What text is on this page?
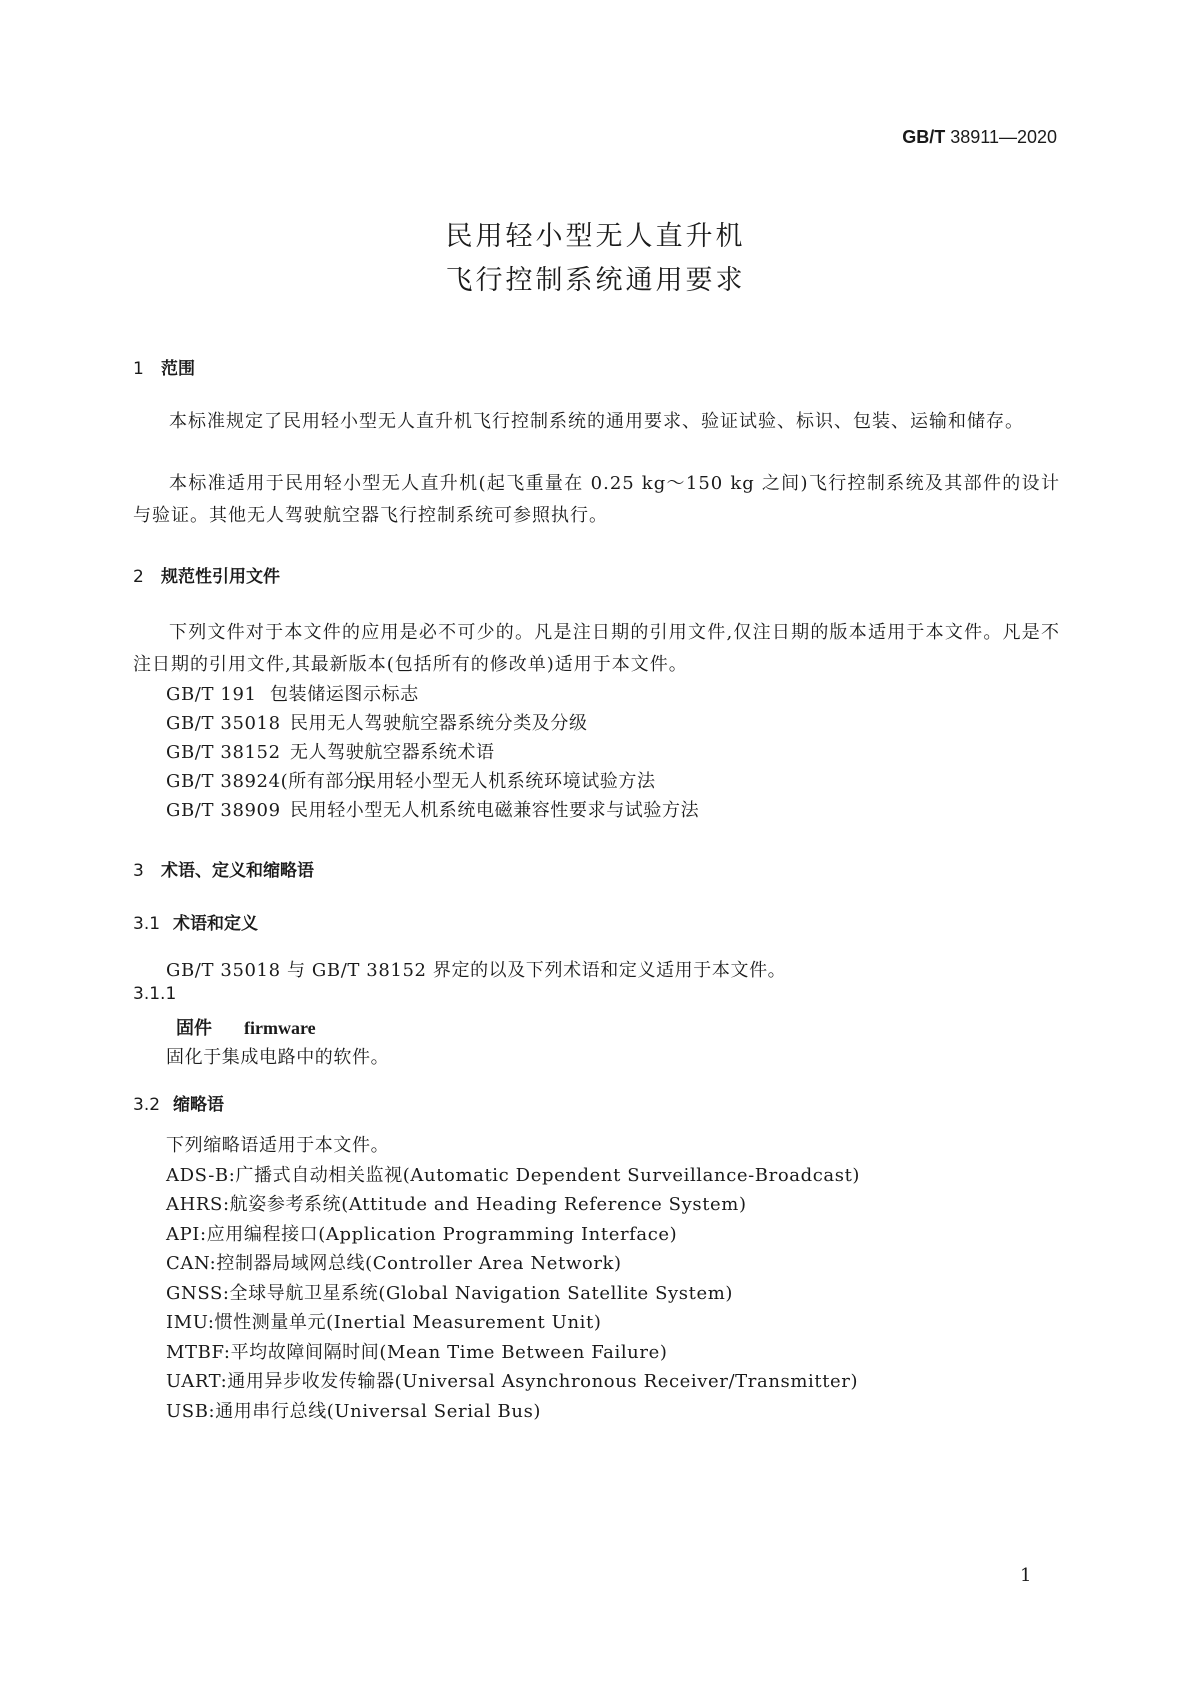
GB/T 38911—2020
民用轻小型无人直升机
飞行控制系统通用要求
1 范围
本标准规定了民用轻小型无人直升机飞行控制系统的通用要求、验证试验、标识、包装、运输和储存。
本标准适用于民用轻小型无人直升机(起飞重量在 0.25 kg～150 kg 之间)飞行控制系统及其部件的设计与验证。其他无人驾驶航空器飞行控制系统可参照执行。
2 规范性引用文件
下列文件对于本文件的应用是必不可少的。凡是注日期的引用文件,仅注日期的版本适用于本文件。凡是不注日期的引用文件,其最新版本(包括所有的修改单)适用于本文件。
GB/T 191 包装储运图示标志
GB/T 35018 民用无人驾驶航空器系统分类及分级
GB/T 38152 无人驾驶航空器系统术语
GB/T 38924(所有部分)民用轻小型无人机系统环境试验方法
GB/T 38909 民用轻小型无人机系统电磁兼容性要求与试验方法
3 术语、定义和缩略语
3.1 术语和定义
GB/T 35018 与 GB/T 38152 界定的以及下列术语和定义适用于本文件。
3.1.1
固件 firmware
固化于集成电路中的软件。
3.2 缩略语
下列缩略语适用于本文件。
ADS-B:广播式自动相关监视(Automatic Dependent Surveillance-Broadcast)
AHRS:航姿参考系统(Attitude and Heading Reference System)
API:应用编程接口(Application Programming Interface)
CAN:控制器局域网总线(Controller Area Network)
GNSS:全球导航卫星系统(Global Navigation Satellite System)
IMU:惯性测量单元(Inertial Measurement Unit)
MTBF:平均故障间隔时间(Mean Time Between Failure)
UART:通用异步收发传输器(Universal Asynchronous Receiver/Transmitter)
USB:通用串行总线(Universal Serial Bus)
1
